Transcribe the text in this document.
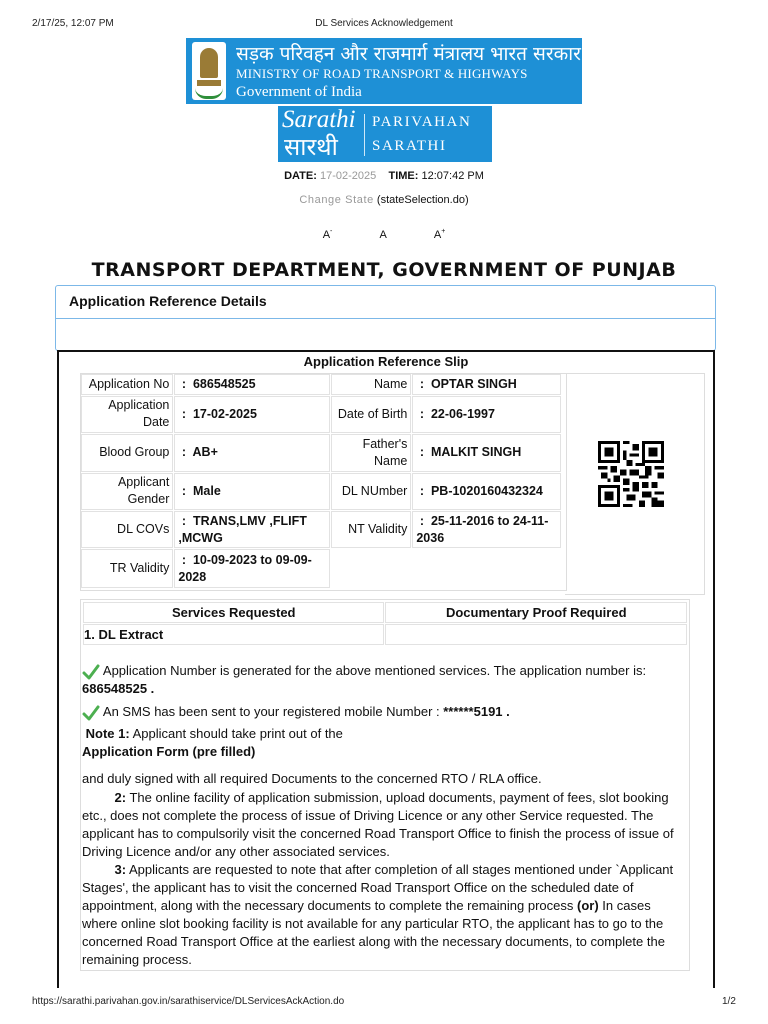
2/17/25, 12:07 PM	DL Services Acknowledgement
सड़क परिवहन और राजमार्ग मंत्रालय भारत सरकार
MINISTRY OF ROAD TRANSPORT & HIGHWAYS
Government of India
Sarathi
सारथी
PARIVAHAN
SARATHI
DATE: 17-02-2025 TIME: 12:07:42 PM
Change State (stateSelection.do)
A-	A	A+
TRANSPORT DEPARTMENT, GOVERNMENT OF PUNJAB
Application Reference Details
Application Reference Slip
Application No	: 686548525	Name	: OPTAR SINGH
Application Date	: 17-02-2025	Date of Birth	: 22-06-1997
Blood Group	: AB+	Father's Name	: MALKIT SINGH
Applicant Gender	: Male	DL NUmber	: PB-1020160432324
DL COVs	: TRANS,LMV ,FLIFT ,MCWG	NT Validity	: 25-11-2016 to 24-11-2036
TR Validity	: 10-09-2023 to 09-09-2028		
Services Requested	Documentary Proof Required
1. DL Extract	
Application Number is generated for the above mentioned services. The application number is:
686548525 .
An SMS has been sent to your registered mobile Number : ******5191 .
Note 1: Applicant should take print out of the
Application Form (pre filled)
and duly signed with all required Documents to the concerned RTO / RLA office.
2: The online facility of application submission, upload documents, payment of fees, slot booking etc., does not complete the process of issue of Driving Licence or any other Service requested. The applicant has to compulsorily visit the concerned Road Transport Office to finish the process of issue of Driving Licence and/or any other associated services.
3: Applicants are requested to note that after completion of all stages mentioned under `Applicant Stages', the applicant has to visit the concerned Road Transport Office on the scheduled date of appointment, along with the necessary documents to complete the remaining process (or) In cases where online slot booking facility is not available for any particular RTO, the applicant has to go to the concerned Road Transport Office at the earliest along with the necessary documents, to complete the remaining process.
https://sarathi.parivahan.gov.in/sarathiservice/DLServicesAckAction.do	1/2
